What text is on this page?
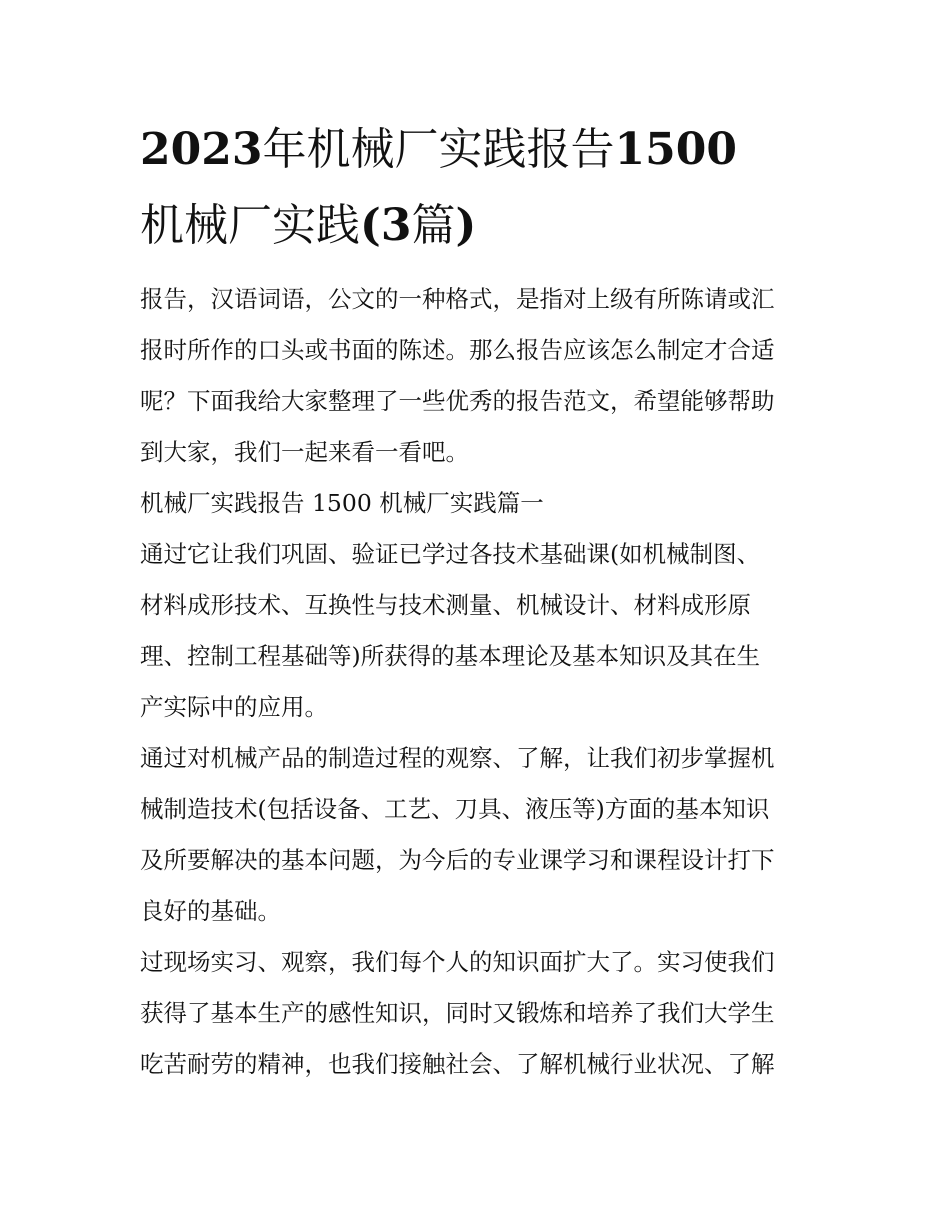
2023年机械厂实践报告1500
机械厂实践(3篇)

报告，汉语词语，公文的一种格式，是指对上级有所陈请或汇
报时所作的口头或书面的陈述。那么报告应该怎么制定才合适
呢？下面我给大家整理了一些优秀的报告范文，希望能够帮助
到大家，我们一起来看一看吧。

机械厂实践报告 1500 机械厂实践篇一

通过它让我们巩固、验证已学过各技术基础课(如机械制图、
材料成形技术、互换性与技术测量、机械设计、材料成形原
理、控制工程基础等)所获得的基本理论及基本知识及其在生
产实际中的应用。

通过对机械产品的制造过程的观察、了解，让我们初步掌握机
械制造技术(包括设备、工艺、刀具、液压等)方面的基本知识
及所要解决的基本问题，为今后的专业课学习和课程设计打下
良好的基础。

过现场实习、观察，我们每个人的知识面扩大了。实习使我们
获得了基本生产的感性知识，同时又锻炼和培养了我们大学生
吃苦耐劳的精神，也我们接触社会、了解机械行业状况、了解
